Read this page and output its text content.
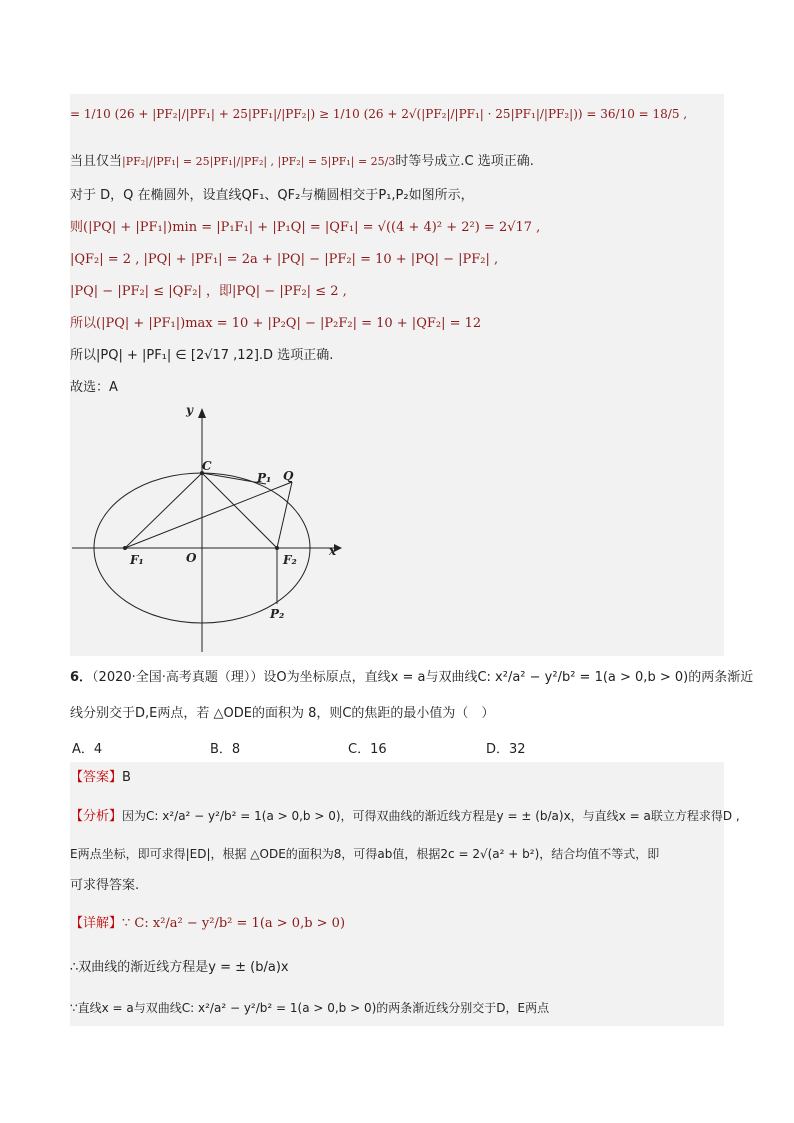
= 1/10 (26 + |PF₂|/|PF₁| + 25|PF₁|/|PF₂|) ≥ 1/10 (26 + 2√(|PF₂|/|PF₁| · 25|PF₁|/|PF₂|)) = 36/10 = 18/5 ,
当且仅当|PF₂|/|PF₁| = 25|PF₁|/|PF₂| , |PF₂| = 5|PF₁| = 25/3时等号成立.C 选项正确.
对于 D，Q 在椭圆外，设直线QF₁、QF₂与椭圆相交于P₁,P₂如图所示，
则(|PQ| + |PF₁|)min = |P₁F₁| + |P₁Q| = |QF₁| = √((4 + 4)² + 2²) = 2√17 ,
|QF₂| = 2 , |PQ| + |PF₁| = 2a + |PQ| − |PF₂| = 10 + |PQ| − |PF₂| ,
|PQ| − |PF₂| ≤ |QF₂| ，即|PQ| − |PF₂| ≤ 2 ,
所以(|PQ| + |PF₁|)max = 10 + |P₂Q| − |P₂F₂| = 10 + |QF₂| = 12
所以|PQ| + |PF₁| ∈ [2√17 ,12].D 选项正确.
故选：A
y
x
C
O
F₁	F₂
P₁ Q
P₂
6．（2020·全国·高考真题（理））设O为坐标原点，直线x = a与双曲线C: x²/a² − y²/b² = 1(a > 0,b > 0)的两条渐近
线分别交于D,E两点，若 △ODE的面积为 8，则C的焦距的最小值为（　）
A．4	B．8	C．16	D．32
【答案】B
【分析】因为C: x²/a² − y²/b² = 1(a > 0,b > 0)，可得双曲线的渐近线方程是y = ± (b/a)x，与直线x = a联立方程求得D ,
E两点坐标，即可求得|ED|，根据 △ODE的面积为8，可得ab值，根据2c = 2√(a² + b²)，结合均值不等式，即
可求得答案.
【详解】∵ C: x²/a² − y²/b² = 1(a > 0,b > 0)
∴双曲线的渐近线方程是y = ± (b/a)x
∵直线x = a与双曲线C: x²/a² − y²/b² = 1(a > 0,b > 0)的两条渐近线分别交于D，E两点
